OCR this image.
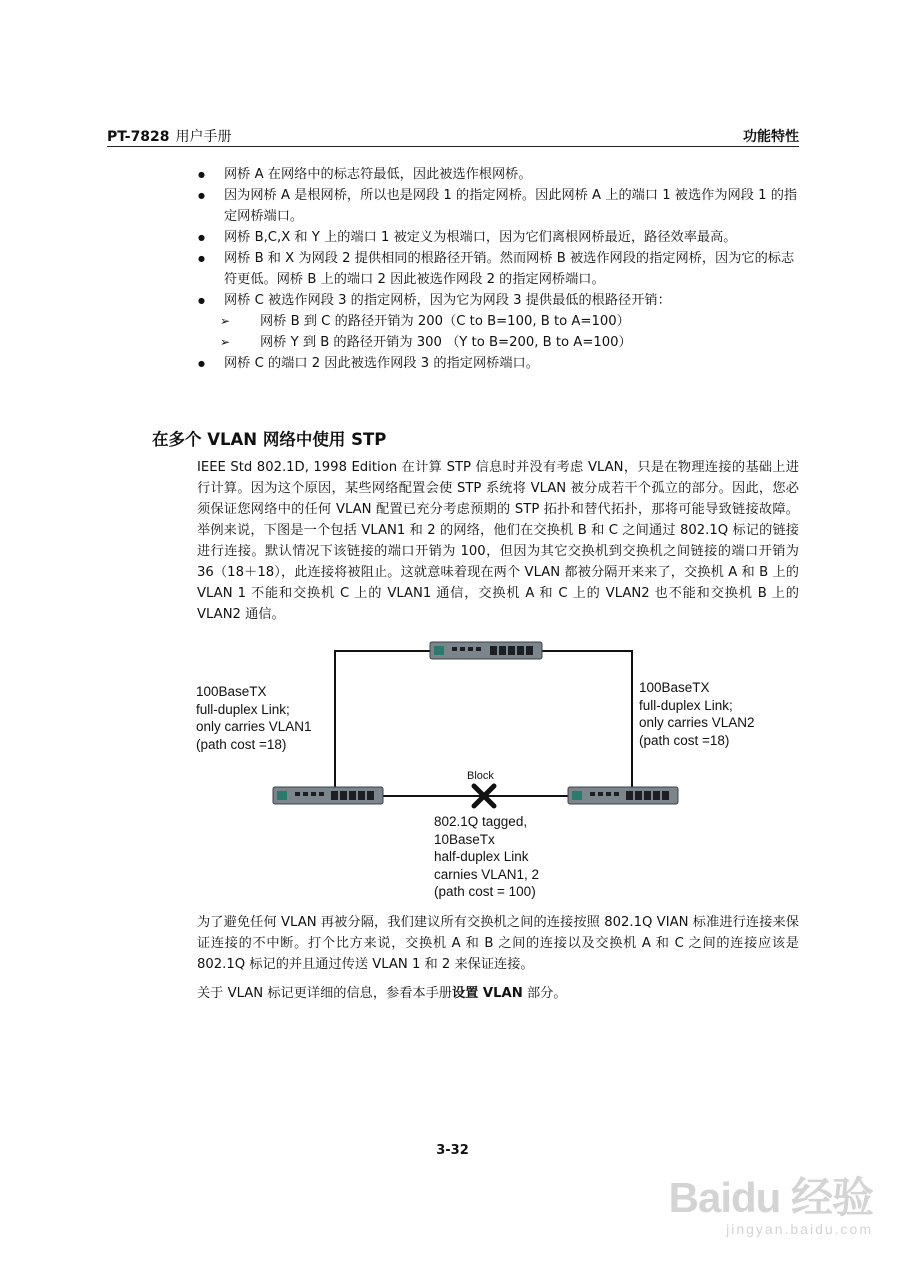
PT-7828 用户手册	功能特性
● 网桥 A 在网络中的标志符最低，因此被选作根网桥。
● 因为网桥 A 是根网桥，所以也是网段 1 的指定网桥。因此网桥 A 上的端口 1 被选作为网段 1 的指定网桥端口。
● 网桥 B,C,X 和 Y 上的端口 1 被定义为根端口，因为它们离根网桥最近，路径效率最高。
● 网桥 B 和 X 为网段 2 提供相同的根路径开销。然而网桥 B 被选作网段的指定网桥，因为它的标志符更低。网桥 B 上的端口 2 因此被选作网段 2 的指定网桥端口。
● 网桥 C 被选作网段 3 的指定网桥，因为它为网段 3 提供最低的根路径开销：
➢ 网桥 B 到 C 的路径开销为 200（C to B=100, B to A=100）
➢ 网桥 Y 到 B 的路径开销为 300 （Y to B=200, B to A=100）
● 网桥 C 的端口 2 因此被选作网段 3 的指定网桥端口。
在多个 VLAN 网络中使用 STP

IEEE Std 802.1D, 1998 Edition 在计算 STP 信息时并没有考虑 VLAN，只是在物理连接的基础上进行计算。因为这个原因，某些网络配置会使 STP 系统将 VLAN 被分成若干个孤立的部分。因此，您必须保证您网络中的任何 VLAN 配置已充分考虑预期的 STP 拓扑和替代拓扑，那将可能导致链接故障。举例来说，下图是一个包括 VLAN1 和 2 的网络，他们在交换机 B 和 C 之间通过 802.1Q 标记的链接进行连接。默认情况下该链接的端口开销为 100，但因为其它交换机到交换机之间链接的端口开销为 36（18＋18），此连接将被阻止。这就意味着现在两个 VLAN 都被分隔开来来了，交换机 A 和 B 上的 VLAN 1 不能和交换机 C 上的 VLAN1 通信，交换机 A 和 C 上的 VLAN2 也不能和交换机 B 上的 VLAN2 通信。

100BaseTX
full-duplex Link;
only carries VLAN1
(path cost =18)
100BaseTX
full-duplex Link;
only carries VLAN2
(path cost =18)
Block
802.1Q tagged,
10BaseTx
half-duplex Link
carnies VLAN1, 2
(path cost = 100)

为了避免任何 VLAN 再被分隔，我们建议所有交换机之间的连接按照 802.1Q VIAN 标准进行连接来保证连接的不中断。打个比方来说，交换机 A 和 B 之间的连接以及交换机 A 和 C 之间的连接应该是 802.1Q 标记的并且通过传送 VLAN 1 和 2 来保证连接。

关于 VLAN 标记更详细的信息，参看本手册设置 VLAN 部分。

3-32
Baidu 经验
jingyan.baidu.com
